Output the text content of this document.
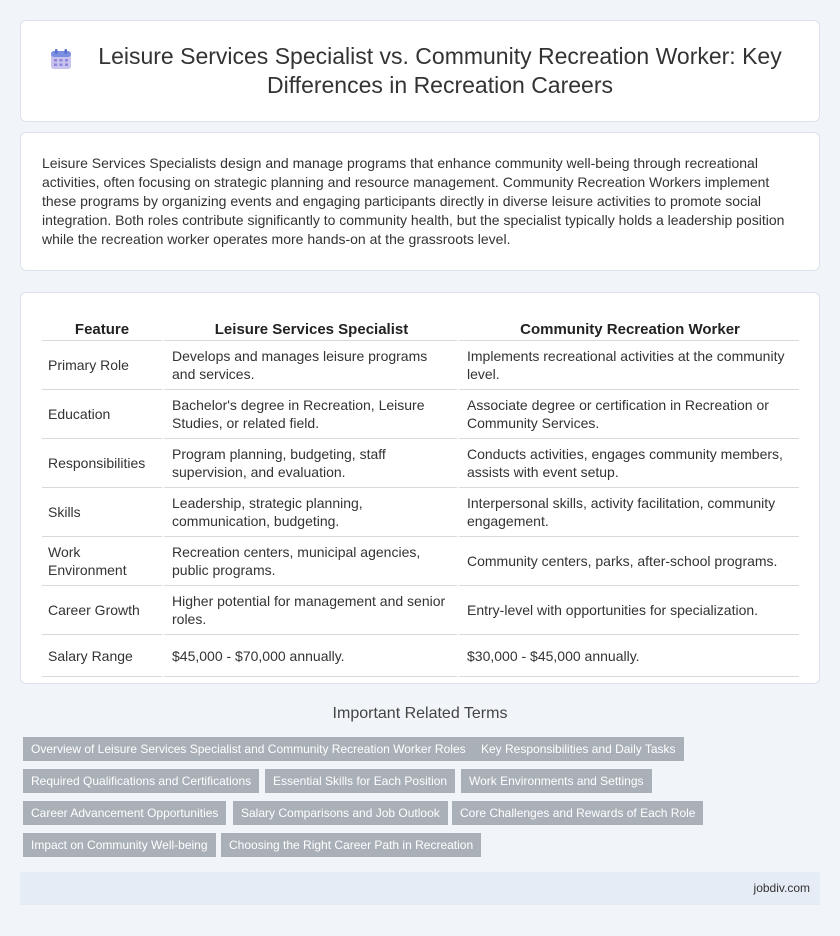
Leisure Services Specialist vs. Community Recreation Worker: Key Differences in Recreation Careers

Leisure Services Specialists design and manage programs that enhance community well-being through recreational activities, often focusing on strategic planning and resource management. Community Recreation Workers implement these programs by organizing events and engaging participants directly in diverse leisure activities to promote social integration. Both roles contribute significantly to community health, but the specialist typically holds a leadership position while the recreation worker operates more hands-on at the grassroots level.

Feature	Leisure Services Specialist	Community Recreation Worker
Primary Role	Develops and manages leisure programs and services.	Implements recreational activities at the community level.
Education	Bachelor's degree in Recreation, Leisure Studies, or related field.	Associate degree or certification in Recreation or Community Services.
Responsibilities	Program planning, budgeting, staff supervision, and evaluation.	Conducts activities, engages community members, assists with event setup.
Skills	Leadership, strategic planning, communication, budgeting.	Interpersonal skills, activity facilitation, community engagement.
Work Environment	Recreation centers, municipal agencies, public programs.	Community centers, parks, after-school programs.
Career Growth	Higher potential for management and senior roles.	Entry-level with opportunities for specialization.
Salary Range	$45,000 - $70,000 annually.	$30,000 - $45,000 annually.
Important Related Terms
Overview of Leisure Services Specialist and Community Recreation Worker Roles	Key Responsibilities and Daily Tasks
Required Qualifications and Certifications	Essential Skills for Each Position	Work Environments and Settings
Career Advancement Opportunities	Salary Comparisons and Job Outlook	Core Challenges and Rewards of Each Role
Impact on Community Well-being	Choosing the Right Career Path in Recreation
jobdiv.com
